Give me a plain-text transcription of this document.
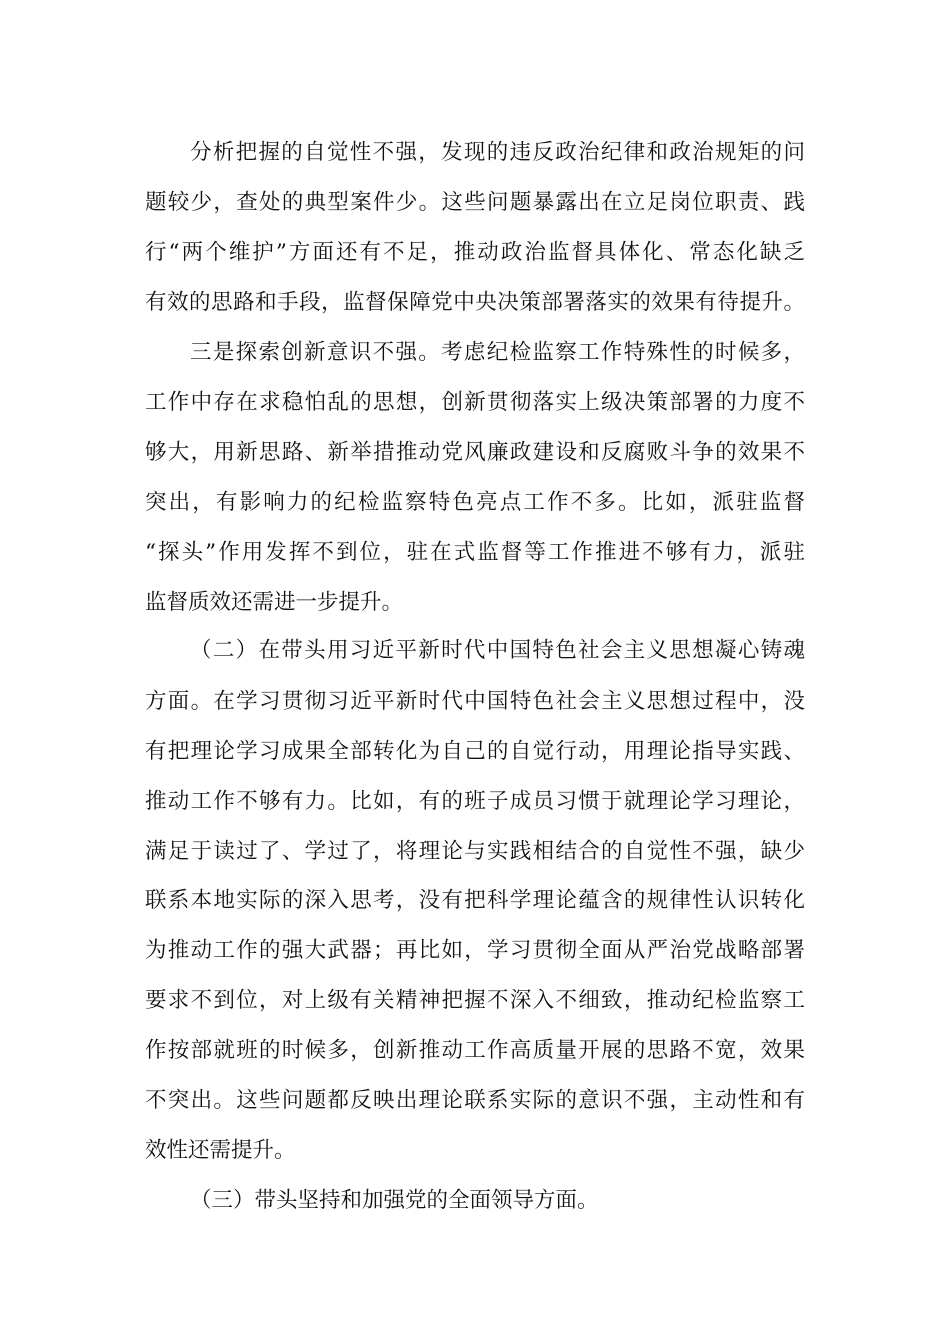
分析把握的自觉性不强，发现的违反政治纪律和政治规矩的问
题较少，查处的典型案件少。这些问题暴露出在立足岗位职责、践
行“两个维护”方面还有不足，推动政治监督具体化、常态化缺乏
有效的思路和手段，监督保障党中央决策部署落实的效果有待提升。
三是探索创新意识不强。考虑纪检监察工作特殊性的时候多，
工作中存在求稳怕乱的思想，创新贯彻落实上级决策部署的力度不
够大，用新思路、新举措推动党风廉政建设和反腐败斗争的效果不
突出，有影响力的纪检监察特色亮点工作不多。比如，派驻监督
“探头”作用发挥不到位，驻在式监督等工作推进不够有力，派驻
监督质效还需进一步提升。
（二）在带头用习近平新时代中国特色社会主义思想凝心铸魂
方面。在学习贯彻习近平新时代中国特色社会主义思想过程中，没
有把理论学习成果全部转化为自己的自觉行动，用理论指导实践、
推动工作不够有力。比如，有的班子成员习惯于就理论学习理论，
满足于读过了、学过了，将理论与实践相结合的自觉性不强，缺少
联系本地实际的深入思考，没有把科学理论蕴含的规律性认识转化
为推动工作的强大武器；再比如，学习贯彻全面从严治党战略部署
要求不到位，对上级有关精神把握不深入不细致，推动纪检监察工
作按部就班的时候多，创新推动工作高质量开展的思路不宽，效果
不突出。这些问题都反映出理论联系实际的意识不强，主动性和有
效性还需提升。
（三）带头坚持和加强党的全面领导方面。
